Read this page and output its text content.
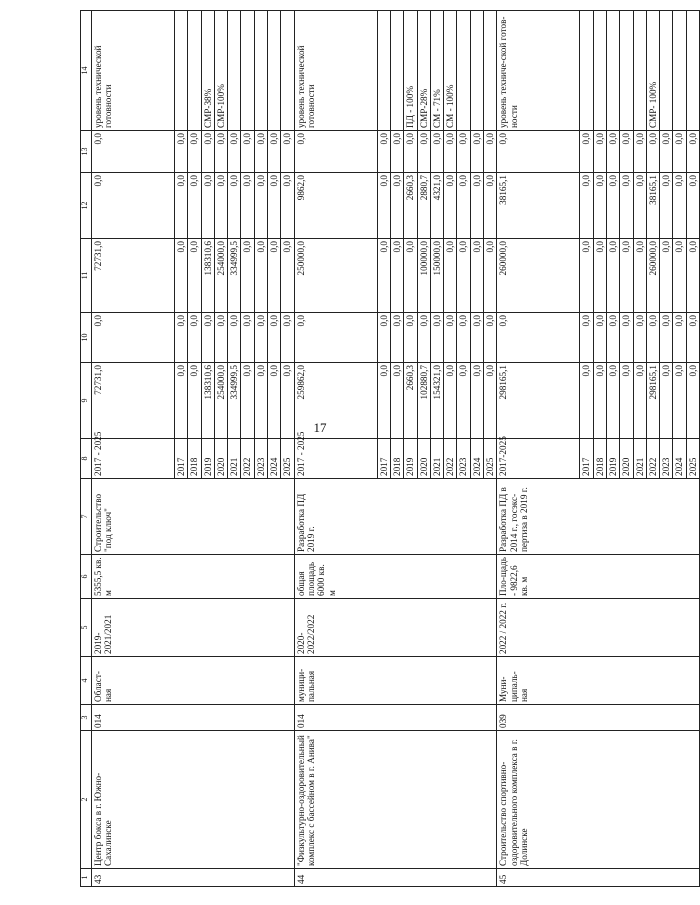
17
1	2	3	4	5	6	7	8	9	10	11	12	13	14
43	Центр бокса в г. Южно-Сахалинске	014	Област-ная	2019-2021/2021	5355,5 кв. м	Строительство "под ключ"	2017 - 2025	72731,0	0,0	72731,0	0,0	0,0	уровень технической готовности
							2017	0,0	0,0	0,0	0,0	0,0	
							2018	0,0	0,0	0,0	0,0	0,0	
							2019	138310,6	0,0	138310,6	0,0	0,0	СМР-38%
							2020	254000,0	0,0	254000,0	0,0	0,0	СМР-100%
							2021	334999,5	0,0	334999,5	0,0	0,0	
							2022	0,0	0,0	0,0	0,0	0,0	
							2023	0,0	0,0	0,0	0,0	0,0	
							2024	0,0	0,0	0,0	0,0	0,0	
							2025	0,0	0,0	0,0	0,0	0,0	
44	"Физкультурно-оздоровительный комплекс с бассейном в г. Анива"	014	муници-пальная	2020-2022/2022	общая площадь 6000 кв. м	Разработка ПД 2019 г.	2017 - 2025	259862,0	0,0	250000,0	9862,0	0,0	уровень технической готовности
							2017	0,0	0,0	0,0	0,0	0,0	
							2018	0,0	0,0	0,0	0,0	0,0	
							2019	2660,3	0,0	0,0	2660,3	0,0	ПД - 100%
							2020	102880,7	0,0	100000,0	2880,7	0,0	СМР-28%
							2021	154321,0	0,0	150000,0	4321,0	0,0	СМ - 71%
							2022	0,0	0,0	0,0	0,0	0,0	СМ - 100%
							2023	0,0	0,0	0,0	0,0	0,0	
							2024	0,0	0,0	0,0	0,0	0,0	
							2025	0,0	0,0	0,0	0,0	0,0	
45	Строительство спортивно-оздоровительного комплекса в г. Долинске	039	Муни-ципаль-ная	2022 / 2022 г.	Пло-щадь - 9822,6 кв. м	Разработка ПД в 2014 г., госэкс-пертиза в 2019 г.	2017-2025	298165,1	0,0	260000,0	38165,1	0,0	уровень техниче-ской готов-ности
							2017	0,0	0,0	0,0	0,0	0,0	
							2018	0,0	0,0	0,0	0,0	0,0	
							2019	0,0	0,0	0,0	0,0	0,0	
							2020	0,0	0,0	0,0	0,0	0,0	
							2021	0,0	0,0	0,0	0,0	0,0	
							2022	298165,1	0,0	260000,0	38165,1	0,0	СМР- 100%
							2023	0,0	0,0	0,0	0,0	0,0	
							2024	0,0	0,0	0,0	0,0	0,0	
							2025	0,0	0,0	0,0	0,0	0,0	
